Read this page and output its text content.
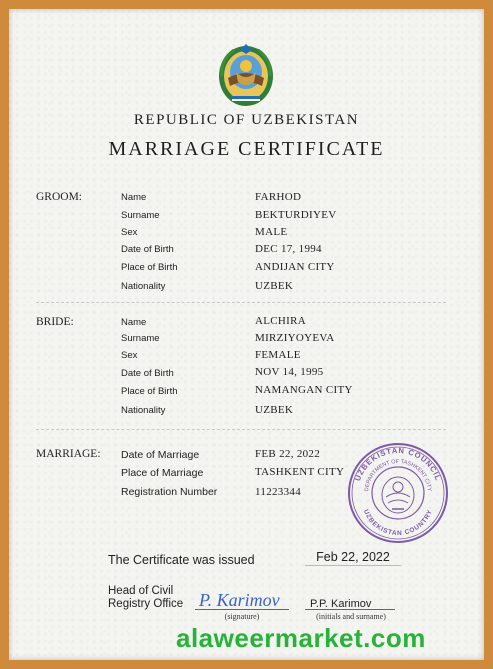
REPUBLIC OF UZBEKISTAN
MARRIAGE CERTIFICATE
GROOM:	Name	FARHOD
Surname	BEKTURDIYEV
Sex	MALE
Date of Birth	DEC 17, 1994
Place of Birth	ANDIJAN CITY
Nationality	UZBEK
BRIDE:	Name	ALCHIRA
Surname	MIRZIYOYEVA
Sex	FEMALE
Date of Birth	NOV 14, 1995
Place of Birth	NAMANGAN CITY
Nationality	UZBEK
MARRIAGE: Date of Marriage	FEB 22, 2022
Place of Marriage	TASHKENT CITY
Registration Number	11223344
UZBEKISTAN COUNCIL
DEPARTMENT OF TASHKENT CITY
UZBEKISTAN COUNTRY
The Certificate was issued	Feb 22, 2022
Head of Civil
Registry Office P. Karimov
(signature)
P.P. Karimov
(initials and surname)
alaweermarket.com
